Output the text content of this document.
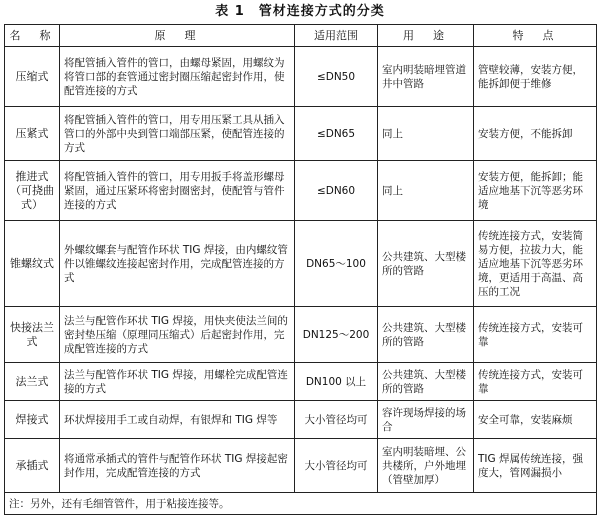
表 1　管材连接方式的分类
名　称	原　理	适用范围	用　途	特　点
压缩式	将配管插入管件的管口，由螺母紧固，用螺纹为将管口部的套管通过密封圈压缩起密封作用，使配管连接的方式	≤DN50	室内明装暗埋管道井中管路	管壁较薄，安装方便，能拆卸便于维修
压紧式	将配管插入管件的管口，用专用压紧工具从插入管口的外部中央到管口端部压紧，使配管连接的方式	≤DN65	同上	安装方便，不能拆卸
推进式（可挠曲式）	将配管插入管件的管口，用专用扳手将盖形螺母紧固，通过压紧环将密封圈密封，使配管与管件连接的方式	≤DN60	同上	安装方便，能拆卸；能适应地基下沉等恶劣环境
锥螺纹式	外螺纹螺套与配管作环状 TIG 焊接，由内螺纹管件以锥螺纹连接起密封作用，完成配管连接的方式	DN65～100	公共建筑、大型楼所的管路	传统连接方式，安装简易方便，拉拔力大，能适应地基下沉等恶劣环境，更适用于高温、高压的工况
快接法兰式	法兰与配管作环状 TIG 焊接，用快夹使法兰间的密封垫压缩（原理同压缩式）后起密封作用，完成配管连接的方式	DN125～200	公共建筑、大型楼所的管路	传统连接方式，安装可靠
法兰式	法兰与配管作环状 TIG 焊接，用螺栓完成配管连接的方式	DN100 以上	公共建筑、大型楼所的管路	传统连接方式，安装可靠
焊接式	环状焊接用手工或自动焊，有银焊和 TIG 焊等	大小管径均可	容许现场焊接的场合	安全可靠，安装麻烦
承插式	将通常承插式的管件与配管作环状 TIG 焊接起密封作用，完成配管连接的方式	大小管径均可	室内明装暗埋、公共楼所，户外地埋（管壁加厚）	TIG 焊属传统连接，强度大，管网漏损小
注：另外，还有毛细管管件，用于粘接连接等。				
